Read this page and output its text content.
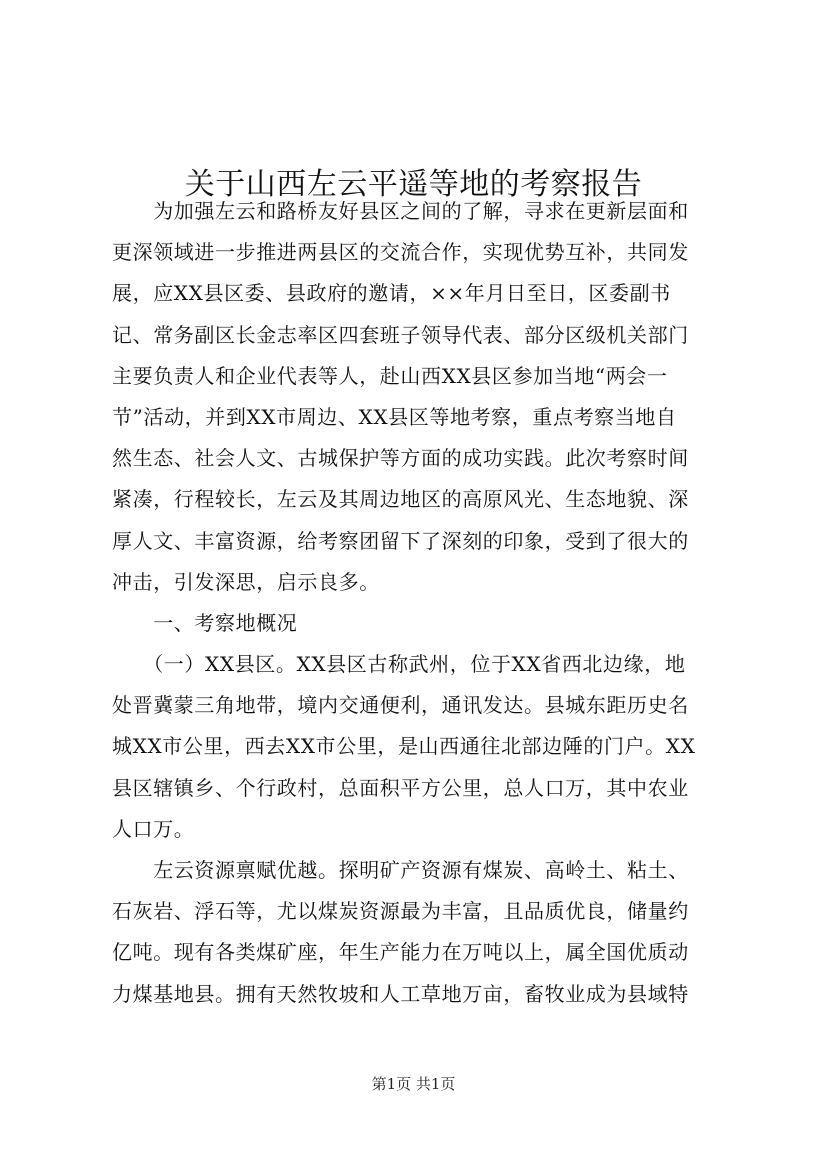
关于山西左云平遥等地的考察报告
　　为加强左云和路桥友好县区之间的了解，寻求在更新层面和
更深领域进一步推进两县区的交流合作，实现优势互补，共同发
展，应XX县区委、县政府的邀请，××年月日至日，区委副书
记、常务副区长金志率区四套班子领导代表、部分区级机关部门
主要负责人和企业代表等人，赴山西XX县区参加当地“两会一
节”活动，并到XX市周边、XX县区等地考察，重点考察当地自
然生态、社会人文、古城保护等方面的成功实践。此次考察时间
紧凑，行程较长，左云及其周边地区的高原风光、生态地貌、深
厚人文、丰富资源，给考察团留下了深刻的印象，受到了很大的
冲击，引发深思，启示良多。
　　一、考察地概况
　　（一）XX县区。XX县区古称武州，位于XX省西北边缘，地
处晋冀蒙三角地带，境内交通便利，通讯发达。县城东距历史名
城XX市公里，西去XX市公里，是山西通往北部边陲的门户。XX
县区辖镇乡、个行政村，总面积平方公里，总人口万，其中农业
人口万。
　　左云资源禀赋优越。探明矿产资源有煤炭、高岭土、粘土、
石灰岩、浮石等，尤以煤炭资源最为丰富，且品质优良，储量约
亿吨。现有各类煤矿座，年生产能力在万吨以上，属全国优质动
力煤基地县。拥有天然牧坡和人工草地万亩，畜牧业成为县域特
第1页 共1页
